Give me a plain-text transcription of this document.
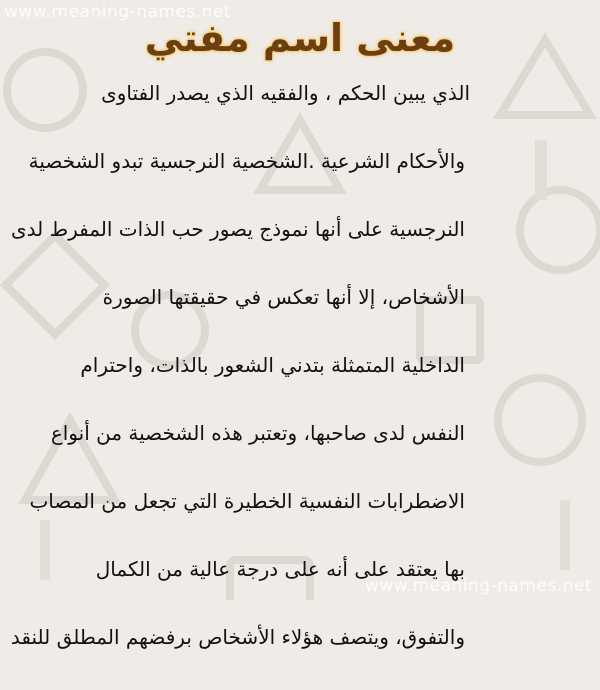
www.meaning-names.net
معنى اسم مفتي
الذي يبين الحكم ، والفقيه الذي يصدر الفتاوى
والأحكام الشرعية .الشخصية النرجسية تبدو الشخصية
النرجسية على أنها نموذج يصور حب الذات المفرط لدى
الأشخاص، إلا أنها تعكس في حقيقتها الصورة
الداخلية المتمثلة بتدني الشعور بالذات، واحترام
النفس لدى صاحبها، وتعتبر هذه الشخصية من أنواع
الاضطرابات النفسية الخطيرة التي تجعل من المصاب
بها يعتقد على أنه على درجة عالية من الكمال
والتفوق، ويتصف هؤلاء الأشخاص برفضهم المطلق للنقد
www.meaning-names.net
